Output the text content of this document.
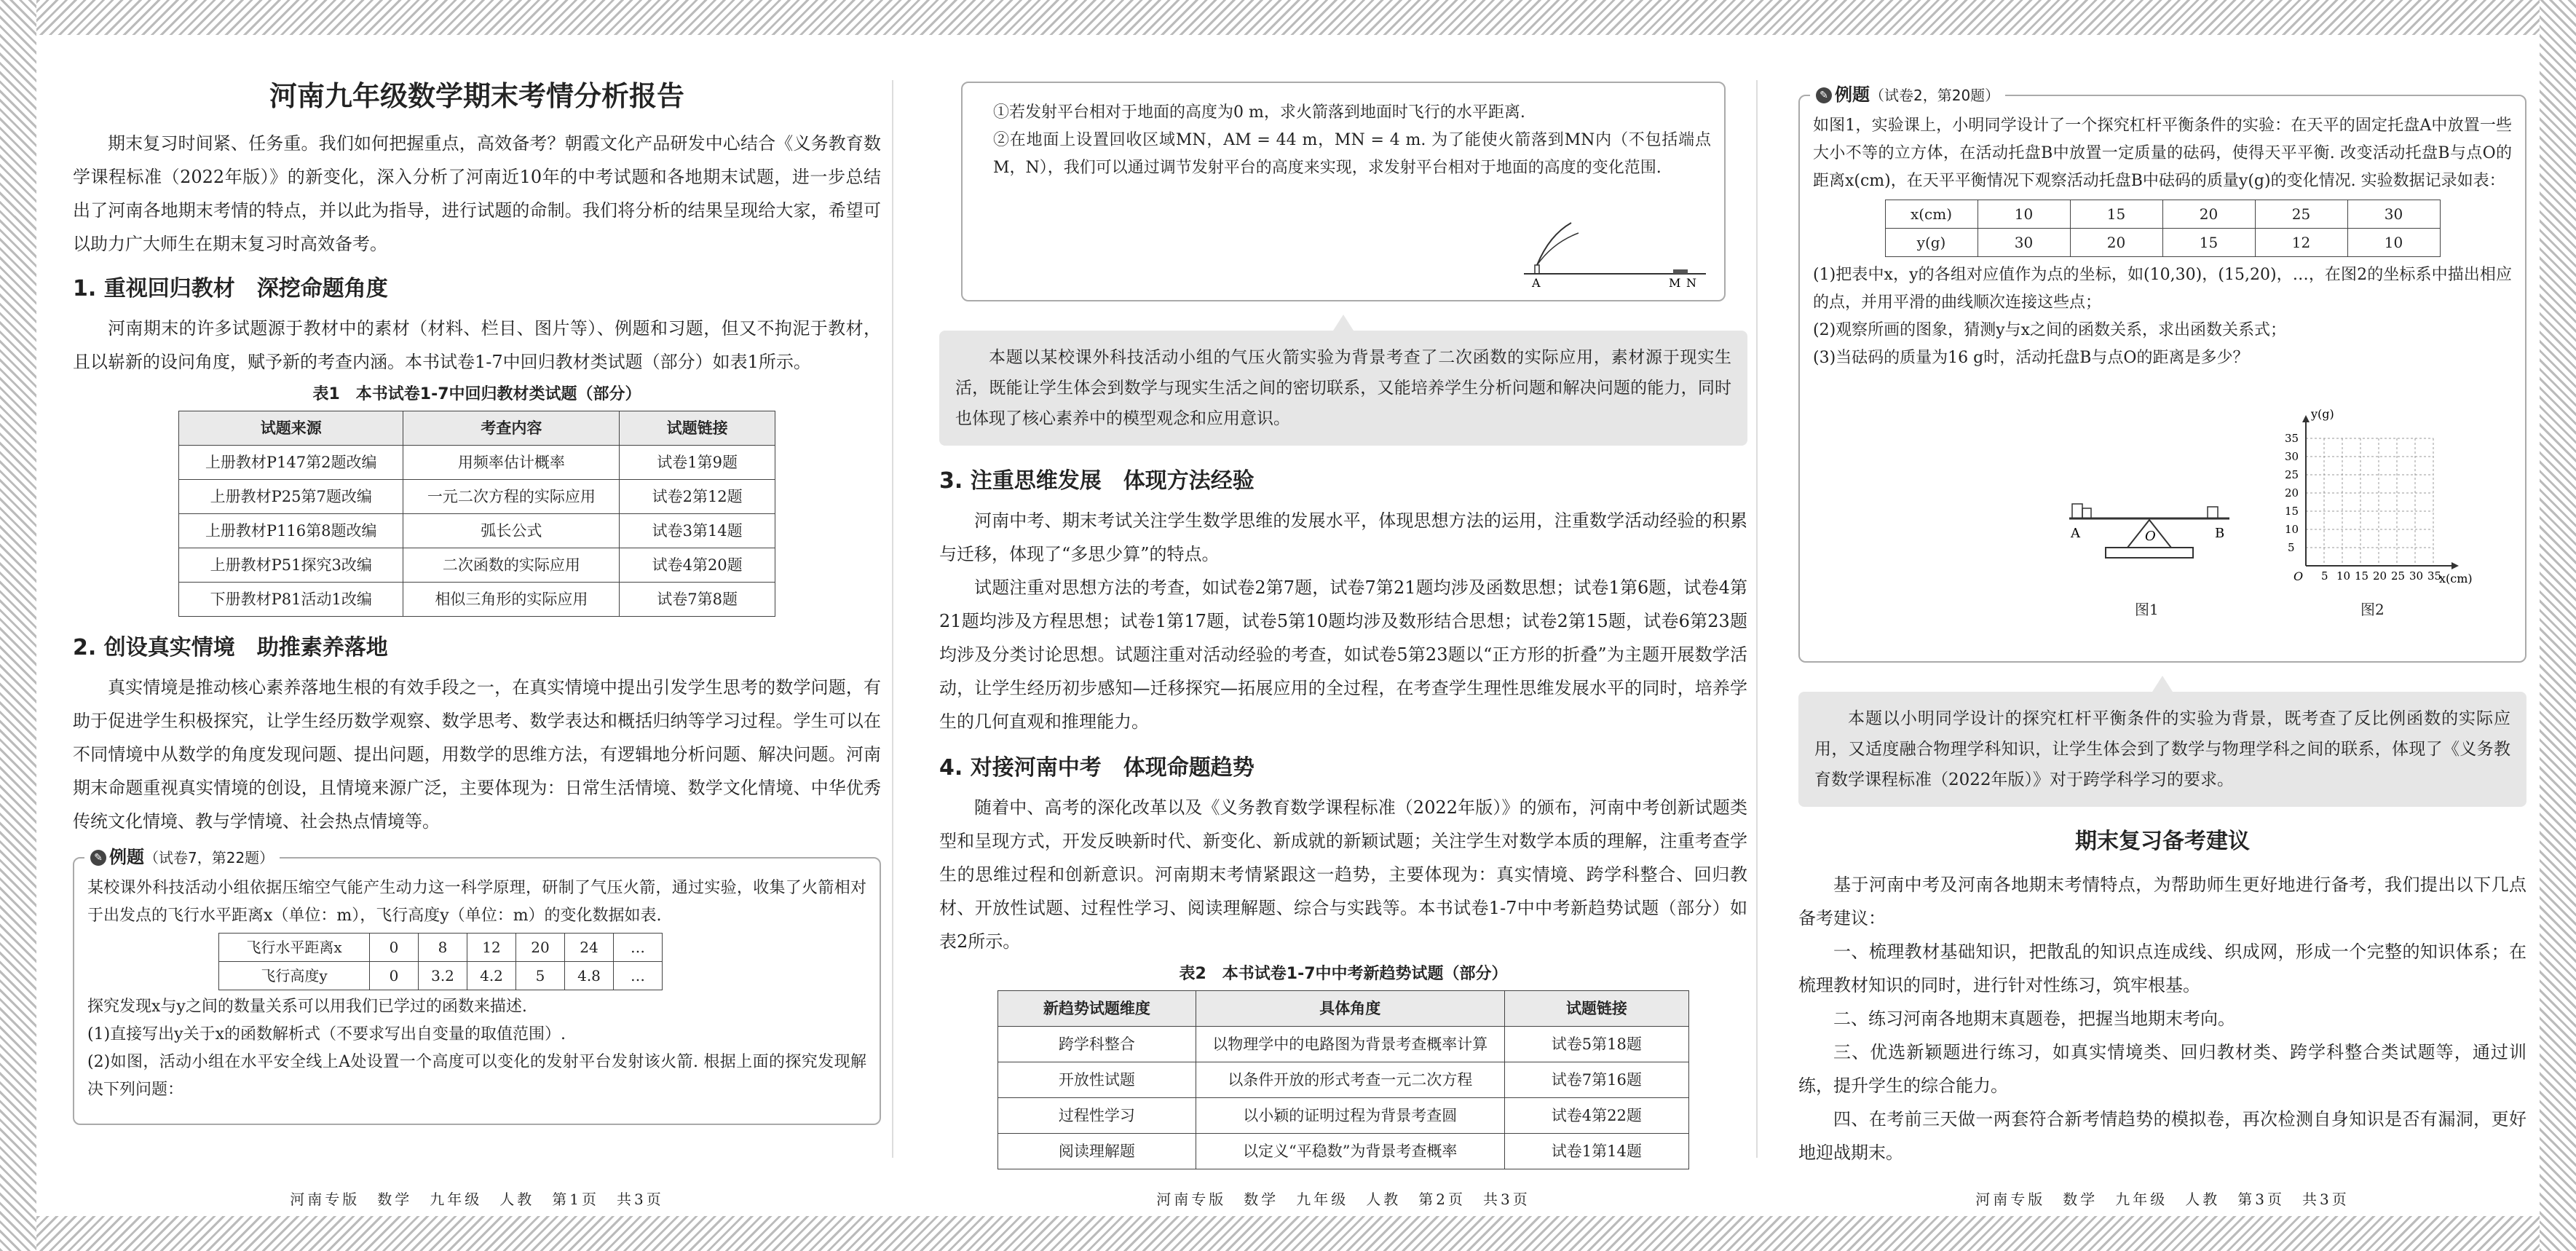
河南九年级数学期末考情分析报告

期末复习时间紧、任务重。我们如何把握重点，高效备考？朝霞文化产品研发中心结合《义务教育数学课程标准（2022年版）》的新变化，深入分析了河南近10年的中考试题和各地期末试题，进一步总结出了河南各地期末考情的特点，并以此为指导，进行试题的命制。我们将分析的结果呈现给大家，希望可以助力广大师生在期末复习时高效备考。

1. 重视回归教材　深挖命题角度

河南期末的许多试题源于教材中的素材（材料、栏目、图片等）、例题和习题，但又不拘泥于教材，且以崭新的设问角度，赋予新的考查内涵。本书试卷1-7中回归教材类试题（部分）如表1所示。

表1　本书试卷1-7中回归教材类试题（部分）
试题来源	考查内容	试题链接
上册教材P147第2题改编	用频率估计概率	试卷1第9题
上册教材P25第7题改编	一元二次方程的实际应用	试卷2第12题
上册教材P116第8题改编	弧长公式	试卷3第14题
上册教材P51探究3改编	二次函数的实际应用	试卷4第20题
下册教材P81活动1改编	相似三角形的实际应用	试卷7第8题
2. 创设真实情境　助推素养落地

真实情境是推动核心素养落地生根的有效手段之一，在真实情境中提出引发学生思考的数学问题，有助于促进学生积极探究，让学生经历数学观察、数学思考、数学表达和概括归纳等学习过程。学生可以在不同情境中从数学的角度发现问题、提出问题，用数学的思维方法，有逻辑地分析问题、解决问题。河南期末命题重视真实情境的创设，且情境来源广泛，主要体现为：日常生活情境、数学文化情境、中华优秀传统文化情境、教与学情境、社会热点情境等。

✎ 例题（试卷7，第22题）

某校课外科技活动小组依据压缩空气能产生动力这一科学原理，研制了气压火箭，通过实验，收集了火箭相对于出发点的飞行水平距离x（单位：m），飞行高度y（单位：m）的变化数据如表.

飞行水平距离x	0	8	12	20	24	…
飞行高度y	0	3.2	4.2	5	4.8	…

探究发现x与y之间的数量关系可以用我们已学过的函数来描述.

(1)直接写出y关于x的函数解析式（不要求写出自变量的取值范围）.

(2)如图，活动小组在水平安全线上A处设置一个高度可以变化的发射平台发射该火箭. 根据上面的探究发现解决下列问题：

河南专版　数学　九年级　人教　第1页　共3页

①若发射平台相对于地面的高度为0 m，求火箭落到地面时飞行的水平距离.

②在地面上设置回收区域MN，AM = 44 m，MN = 4 m. 为了能使火箭落到MN内（不包括端点M，N），我们可以通过调节发射平台的高度来实现，求发射平台相对于地面的高度的变化范围.

A	M N

本题以某校课外科技活动小组的气压火箭实验为背景考查了二次函数的实际应用，素材源于现实生活，既能让学生体会到数学与现实生活之间的密切联系，又能培养学生分析问题和解决问题的能力，同时也体现了核心素养中的模型观念和应用意识。

3. 注重思维发展　体现方法经验

河南中考、期末考试关注学生数学思维的发展水平，体现思想方法的运用，注重数学活动经验的积累与迁移，体现了“多思少算”的特点。

试题注重对思想方法的考查，如试卷2第7题，试卷7第21题均涉及函数思想；试卷1第6题，试卷4第21题均涉及方程思想；试卷1第17题，试卷5第10题均涉及数形结合思想；试卷2第15题，试卷6第23题均涉及分类讨论思想。试题注重对活动经验的考查，如试卷5第23题以“正方形的折叠”为主题开展数学活动，让学生经历初步感知—迁移探究—拓展应用的全过程，在考查学生理性思维发展水平的同时，培养学生的几何直观和推理能力。

4. 对接河南中考　体现命题趋势

随着中、高考的深化改革以及《义务教育数学课程标准（2022年版）》的颁布，河南中考创新试题类型和呈现方式，开发反映新时代、新变化、新成就的新颖试题；关注学生对数学本质的理解，注重考查学生的思维过程和创新意识。河南期末考情紧跟这一趋势，主要体现为：真实情境、跨学科整合、回归教材、开放性试题、过程性学习、阅读理解题、综合与实践等。本书试卷1-7中中考新趋势试题（部分）如表2所示。

表2　本书试卷1-7中中考新趋势试题（部分）
新趋势试题维度	具体角度	试题链接
跨学科整合	以物理学中的电路图为背景考查概率计算	试卷5第18题
开放性试题	以条件开放的形式考查一元二次方程	试卷7第16题
过程性学习	以小颖的证明过程为背景考查圆	试卷4第22题
阅读理解题	以定义“平稳数”为背景考查概率	试卷1第14题
河南专版　数学　九年级　人教　第2页　共3页
✎ 例题（试卷2，第20题）

如图1，实验课上，小明同学设计了一个探究杠杆平衡条件的实验：在天平的固定托盘A中放置一些大小不等的立方体，在活动托盘B中放置一定质量的砝码，使得天平平衡. 改变活动托盘B与点O的距离x(cm)，在天平平衡情况下观察活动托盘B中砝码的质量y(g)的变化情况. 实验数据记录如表：

x(cm)	10	15	20	25	30
y(g)	30	20	15	12	10

(1)把表中x，y的各组对应值作为点的坐标，如(10,30)，(15,20)，…，在图2的坐标系中描出相应的点，并用平滑的曲线顺次连接这些点；

(2)观察所画的图象，猜测y与x之间的函数关系，求出函数关系式；

(3)当砝码的质量为16 g时，活动托盘B与点O的距离是多少？

A	B
O
图1
y(g)
x(cm)
O
5
10
15
20
25
30
35
5 10 15 20 25 30 35
图2

本题以小明同学设计的探究杠杆平衡条件的实验为背景，既考查了反比例函数的实际应用，又适度融合物理学科知识，让学生体会到了数学与物理学科之间的联系，体现了《义务教育数学课程标准（2022年版）》对于跨学科学习的要求。

期末复习备考建议

基于河南中考及河南各地期末考情特点，为帮助师生更好地进行备考，我们提出以下几点备考建议：

一、梳理教材基础知识，把散乱的知识点连成线、织成网，形成一个完整的知识体系；在梳理教材知识的同时，进行针对性练习，筑牢根基。

二、练习河南各地期末真题卷，把握当地期末考向。

三、优选新颖题进行练习，如真实情境类、回归教材类、跨学科整合类试题等，通过训练，提升学生的综合能力。

四、在考前三天做一两套符合新考情趋势的模拟卷，再次检测自身知识是否有漏洞，更好地迎战期末。

河南专版　数学　九年级　人教　第3页　共3页
